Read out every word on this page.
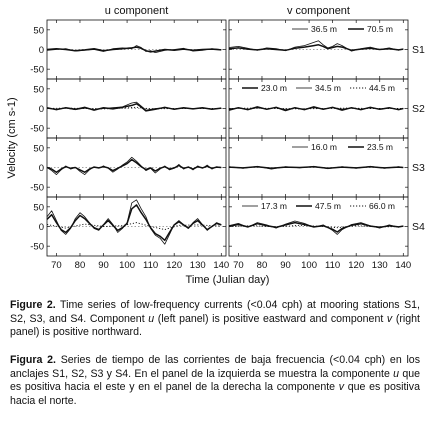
u component	v component
Velocity (cm s-1)
-50
0
50
S1
36.5 m	70.5 m
-50
0
50
S2
23.0 m	34.5 m	44.5 m
-50
0
50
S3
16.0 m	23.5 m
-50
0
50
S4
17.3 m	47.5 m	66.0 m
70 80 90 100 110 120 130 140 70 80 90 100 110 120 130 140
Time (Julian day)

Figure 2. Time series of low-frequency currents (<0.04 cph) at mooring stations S1, S2, S3, and S4. Component u (left panel) is positive eastward and component v (right panel) is positive northward.

Figura 2. Series de tiempo de las corrientes de baja frecuencia (<0.04 cph) en los anclajes S1, S2, S3 y S4. En el panel de la izquierda se muestra la componente u que es positiva hacia el este y en el panel de la derecha la componente v que es positiva hacia el norte.
